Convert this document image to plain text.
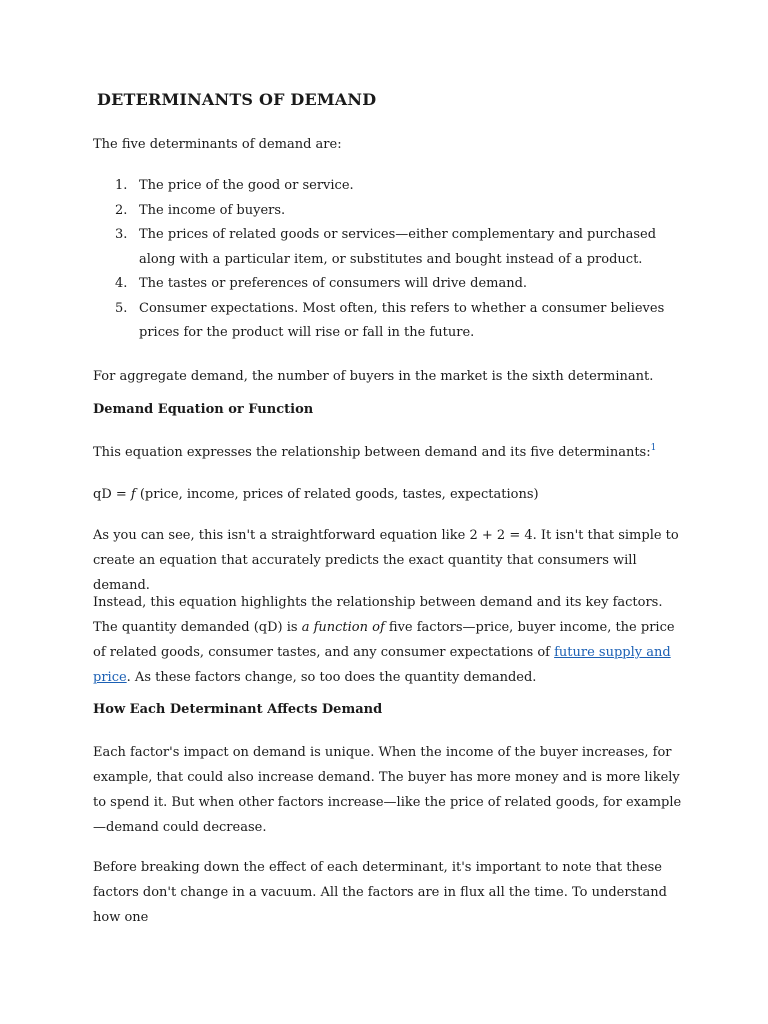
DETERMINANTS OF DEMAND

The five determinants of demand are:

1. The price of the good or service.
2. The income of buyers.
3. The prices of related goods or services—either complementary and purchased along with a particular item, or substitutes and bought instead of a product.
4. The tastes or preferences of consumers will drive demand.
5. Consumer expectations. Most often, this refers to whether a consumer believes prices for the product will rise or fall in the future.

For aggregate demand, the number of buyers in the market is the sixth determinant.

Demand Equation or Function

This equation expresses the relationship between demand and its five determinants:$^1$

qD = f (price, income, prices of related goods, tastes, expectations)

As you can see, this isn't a straightforward equation like 2 + 2 = 4. It isn't that simple to create an equation that accurately predicts the exact quantity that consumers will demand.

Instead, this equation highlights the relationship between demand and its key factors. The quantity demanded (qD) is a function of five factors—price, buyer income, the price of related goods, consumer tastes, and any consumer expectations of future supply and price. As these factors change, so too does the quantity demanded.

How Each Determinant Affects Demand

Each factor's impact on demand is unique. When the income of the buyer increases, for example, that could also increase demand. The buyer has more money and is more likely to spend it. But when other factors increase—like the price of related goods, for example—demand could decrease.

Before breaking down the effect of each determinant, it's important to note that these factors don't change in a vacuum. All the factors are in flux all the time. To understand how one
